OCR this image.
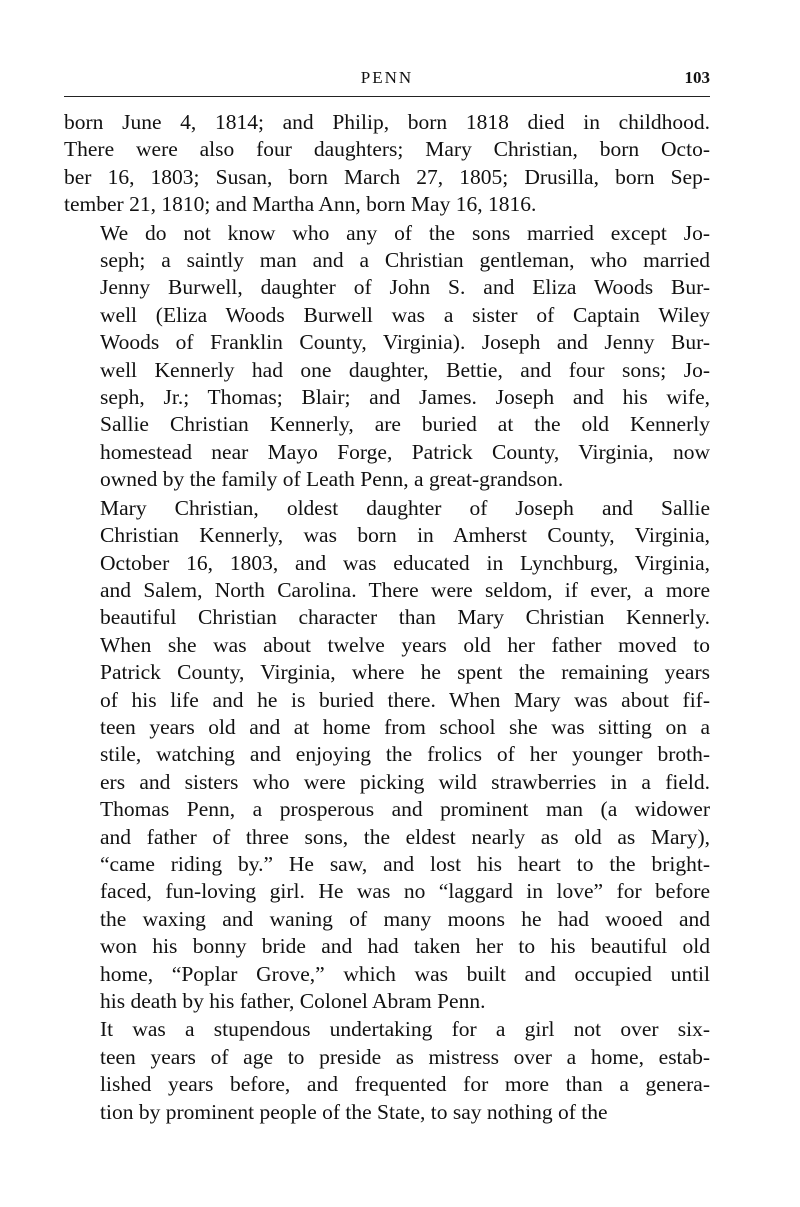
PENN	103

born June 4, 1814; and Philip, born 1818 died in childhood.
There were also four daughters; Mary Christian, born Octo-
ber 16, 1803; Susan, born March 27, 1805; Drusilla, born Sep-
tember 21, 1810; and Martha Ann, born May 16, 1816.

We do not know who any of the sons married except Jo-
seph; a saintly man and a Christian gentleman, who married
Jenny Burwell, daughter of John S. and Eliza Woods Bur-
well (Eliza Woods Burwell was a sister of Captain Wiley
Woods of Franklin County, Virginia). Joseph and Jenny Bur-
well Kennerly had one daughter, Bettie, and four sons; Jo-
seph, Jr.; Thomas; Blair; and James. Joseph and his wife,
Sallie Christian Kennerly, are buried at the old Kennerly
homestead near Mayo Forge, Patrick County, Virginia, now
owned by the family of Leath Penn, a great-grandson.

Mary Christian, oldest daughter of Joseph and Sallie
Christian Kennerly, was born in Amherst County, Virginia,
October 16, 1803, and was educated in Lynchburg, Virginia,
and Salem, North Carolina. There were seldom, if ever, a more
beautiful Christian character than Mary Christian Kennerly.
When she was about twelve years old her father moved to
Patrick County, Virginia, where he spent the remaining years
of his life and he is buried there. When Mary was about fif-
teen years old and at home from school she was sitting on a
stile, watching and enjoying the frolics of her younger broth-
ers and sisters who were picking wild strawberries in a field.
Thomas Penn, a prosperous and prominent man (a widower
and father of three sons, the eldest nearly as old as Mary),
“came riding by.” He saw, and lost his heart to the bright-
faced, fun-loving girl. He was no “laggard in love” for before
the waxing and waning of many moons he had wooed and
won his bonny bride and had taken her to his beautiful old
home, “Poplar Grove,” which was built and occupied until
his death by his father, Colonel Abram Penn.

It was a stupendous undertaking for a girl not over six-
teen years of age to preside as mistress over a home, estab-
lished years before, and frequented for more than a genera-
tion by prominent people of the State, to say nothing of the
